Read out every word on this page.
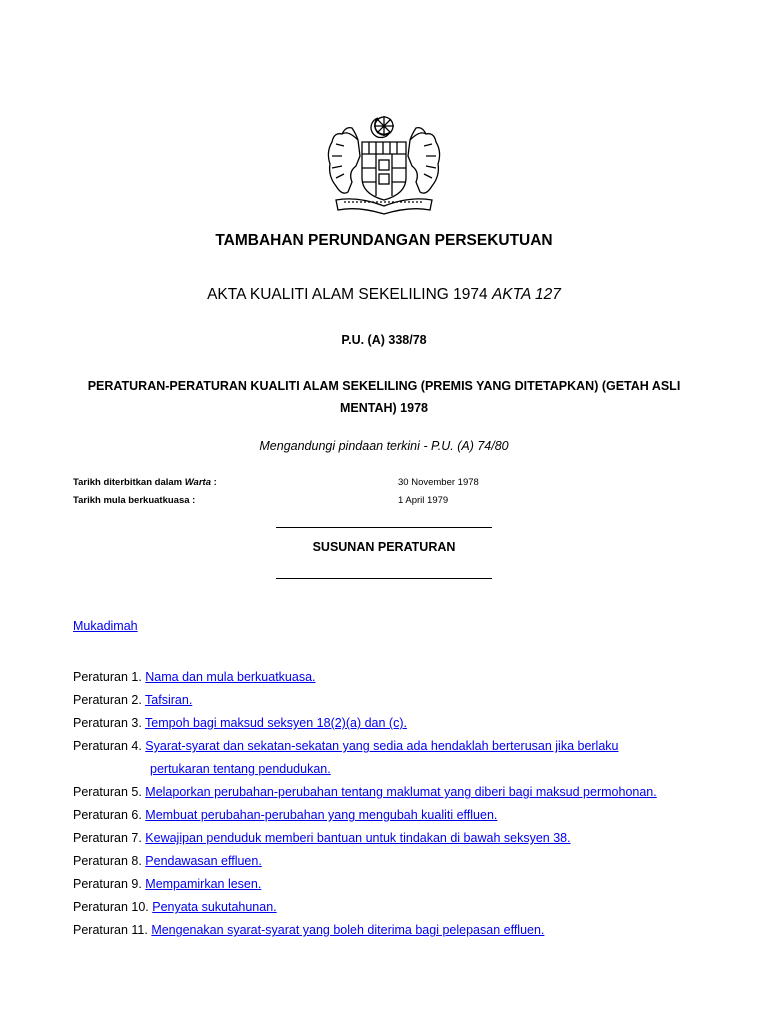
TAMBAHAN PERUNDANGAN PERSEKUTUAN
AKTA KUALITI ALAM SEKELILING 1974 AKTA 127
P.U. (A) 338/78
PERATURAN-PERATURAN KUALITI ALAM SEKELILING (PREMIS YANG DITETAPKAN) (GETAH ASLI MENTAH) 1978
Mengandungi pindaan terkini - P.U. (A) 74/80
Tarikh diterbitkan dalam Warta :	30 November 1978
Tarikh mula berkuatkuasa :	1 April 1979
SUSUNAN PERATURAN
Mukadimah
Peraturan 1. Nama dan mula berkuatkuasa.
Peraturan 2. Tafsiran.
Peraturan 3. Tempoh bagi maksud seksyen 18(2)(a) dan (c).
Peraturan 4. Syarat-syarat dan sekatan-sekatan yang sedia ada hendaklah berterusan jika berlaku
pertukaran tentang pendudukan.
Peraturan 5. Melaporkan perubahan-perubahan tentang maklumat yang diberi bagi maksud permohonan.
Peraturan 6. Membuat perubahan-perubahan yang mengubah kualiti effluen.
Peraturan 7. Kewajipan penduduk memberi bantuan untuk tindakan di bawah seksyen 38.
Peraturan 8. Pendawasan effluen.
Peraturan 9. Mempamirkan lesen.
Peraturan 10. Penyata sukutahunan.
Peraturan 11. Mengenakan syarat-syarat yang boleh diterima bagi pelepasan effluen.
